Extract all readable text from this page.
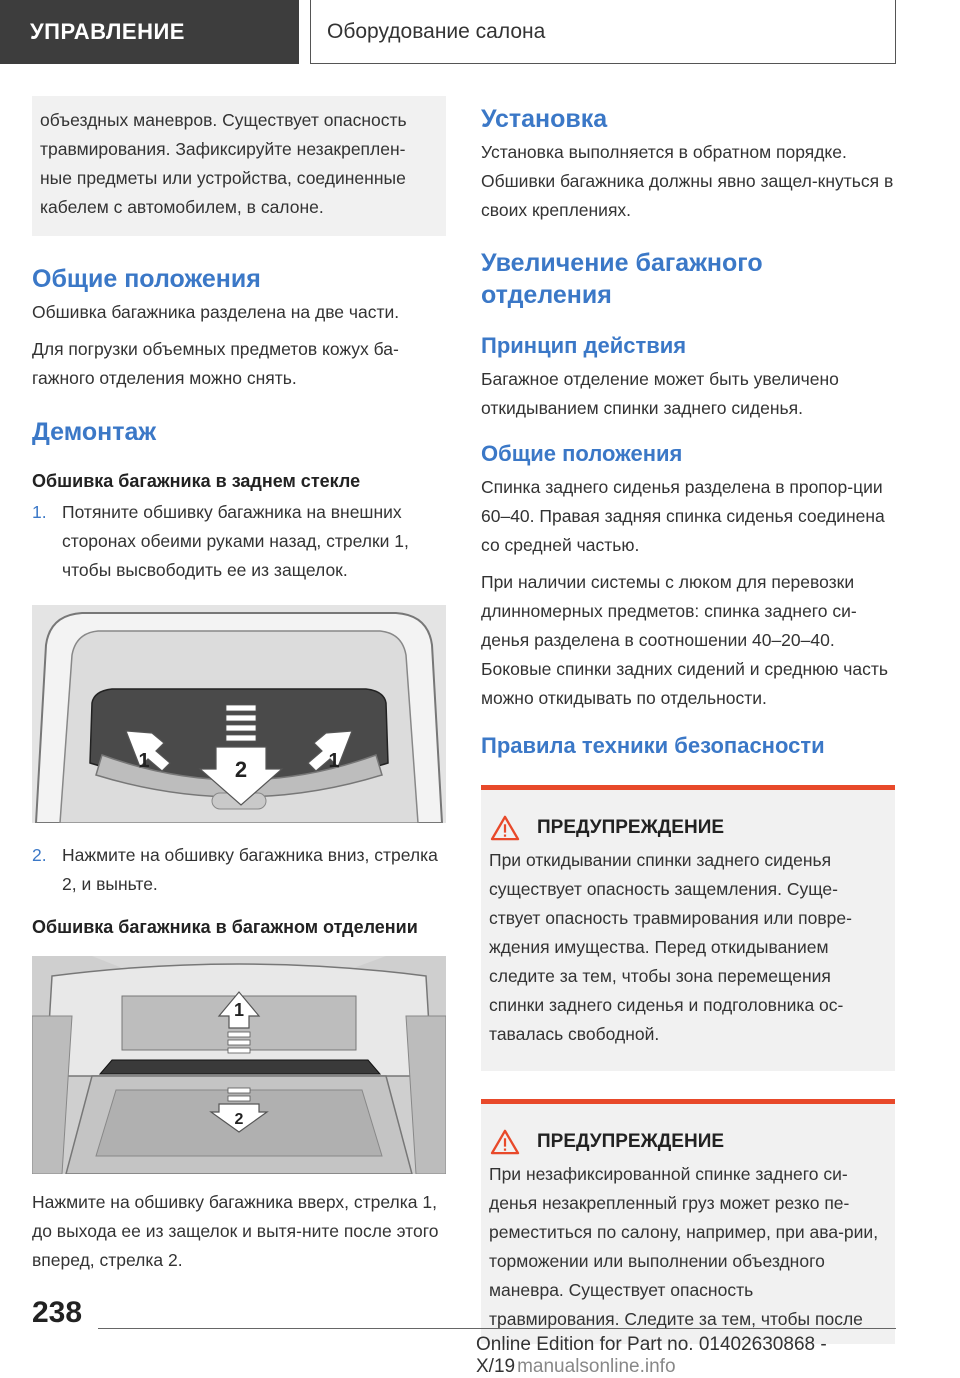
УПРАВЛЕНИЕ	Оборудование салона
объездных маневров. Существует опасность травмирования. Зафиксируйте незакреплен-ные предметы или устройства, соединенные кабелем с автомобилем, в салоне.
Общие положения

Обшивка багажника разделена на две части.

Для погрузки объемных предметов кожух ба-гажного отделения можно снять.

Демонтаж
Обшивка багажника в заднем стекле
1. Потяните обшивку багажника на внешних сторонах обеими руками назад, стрелки 1, чтобы высвободить ее из защелок.
2
1	1
2. Нажмите на обшивку багажника вниз, стрелка 2, и выньте.
Обшивка багажника в багажном отделении
1
2

Нажмите на обшивку багажника вверх, стрелка 1, до выхода ее из защелок и вытя-ните после этого вперед, стрелка 2.

Установка

Установка выполняется в обратном порядке. Обшивки багажника должны явно защел-кнуться в своих креплениях.

Увеличение багажного отделения
Принцип действия

Багажное отделение может быть увеличено откидыванием спинки заднего сиденья.

Общие положения

Спинка заднего сиденья разделена в пропор-ции 60–40. Правая задняя спинка сиденья соединена со средней частью.

При наличии системы с люком для перевозки длинномерных предметов: спинка заднего си-денья разделена в соотношении 40–20–40. Боковые спинки задних сидений и среднюю часть можно откидывать по отдельности.

Правила техники безопасности
ПРЕДУПРЕЖДЕНИЕ

При откидывании спинки заднего сиденья существует опасность защемления. Суще-ствует опасность травмирования или повре-ждения имущества. Перед откидыванием следите за тем, чтобы зона перемещения спинки заднего сиденья и подголовника ос-тавалась свободной.

ПРЕДУПРЕЖДЕНИЕ

При незафиксированной спинке заднего си-денья незакрепленный груз может резко пе-реместиться по салону, например, при ава-рии, торможении или выполнении объездного маневра. Существует опасность травмирования. Следите за тем, чтобы после

238
Online Edition for Part no. 01402630868 - X/19 manualsonline.info
